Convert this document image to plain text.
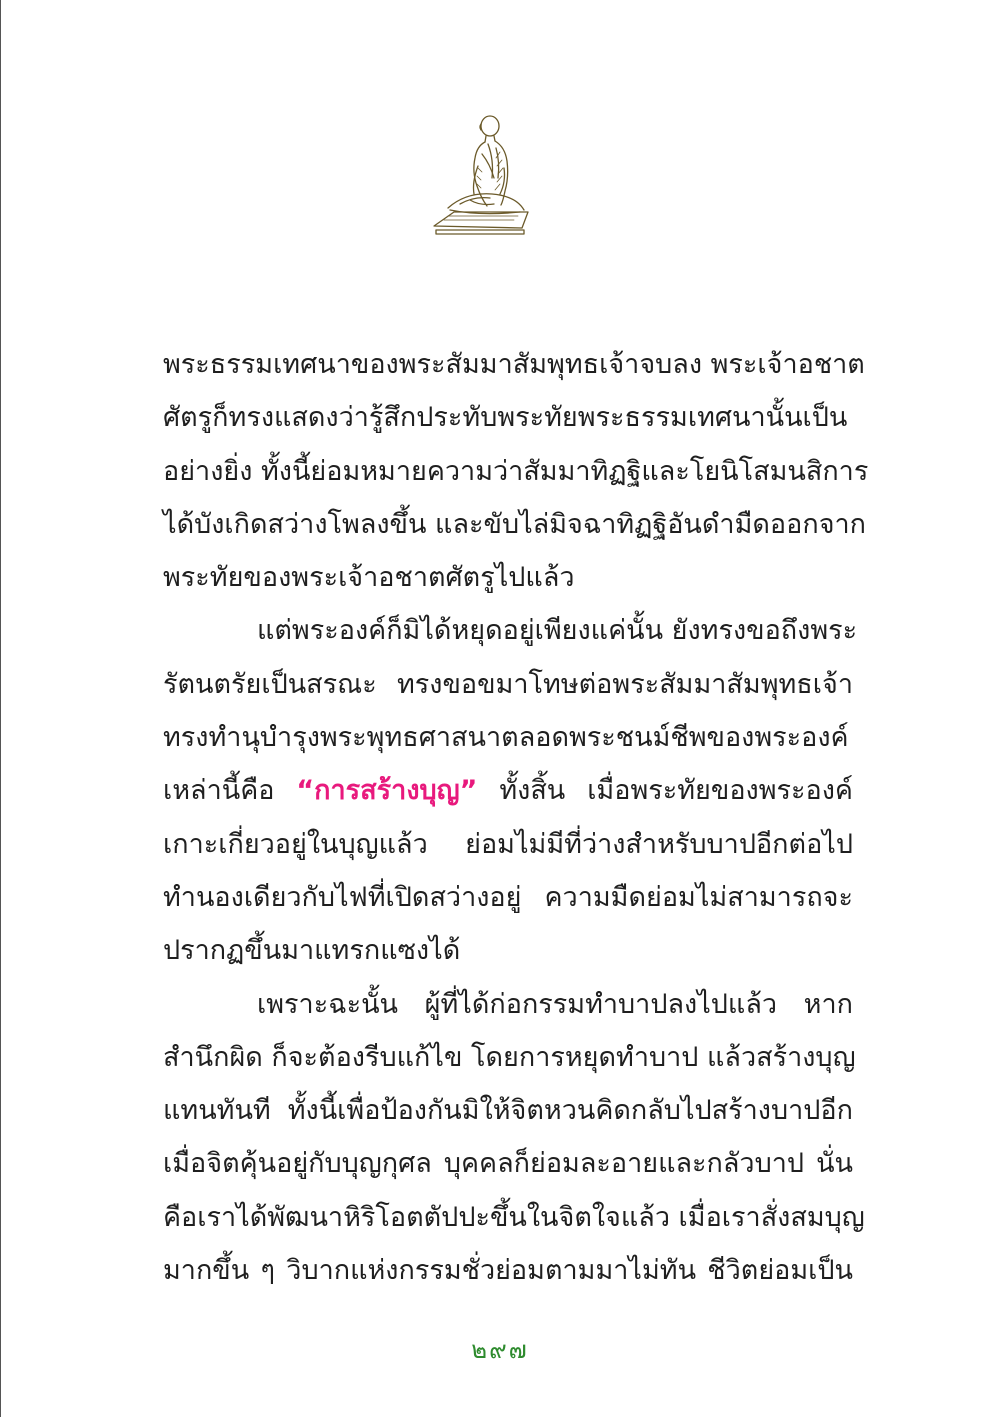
พระธรรมเทศนาของพระสัมมาสัมพุทธเจ้าจบลง พระเจ้าอชาต
ศัตรูก็ทรงแสดงว่ารู้สึกประทับพระทัยพระธรรมเทศนานั้นเป็น
อย่างยิ่ง ทั้งนี้ย่อมหมายความว่าสัมมาทิฏฐิและโยนิโสมนสิการ
ได้บังเกิดสว่างโพลงขึ้น และขับไล่มิจฉาทิฏฐิอันดำมืดออกจาก
พระทัยของพระเจ้าอชาตศัตรูไปแล้ว
แต่พระองค์ก็มิได้หยุดอยู่เพียงแค่นั้น ยังทรงขอถึงพระ
รัตนตรัยเป็นสรณะ ทรงขอขมาโทษต่อพระสัมมาสัมพุทธเจ้า
ทรงทำนุบำรุงพระพุทธศาสนาตลอดพระชนม์ชีพของพระองค์
เหล่านี้คือ “การสร้างบุญ” ทั้งสิ้น เมื่อพระทัยของพระองค์
เกาะเกี่ยวอยู่ในบุญแล้ว ย่อมไม่มีที่ว่างสำหรับบาปอีกต่อไป
ทำนองเดียวกับไฟที่เปิดสว่างอยู่ ความมืดย่อมไม่สามารถจะ
ปรากฏขึ้นมาแทรกแซงได้
เพราะฉะนั้น ผู้ที่ได้ก่อกรรมทำบาปลงไปแล้ว หาก
สำนึกผิด ก็จะต้องรีบแก้ไข โดยการหยุดทำบาป แล้วสร้างบุญ
แทนทันที ทั้งนี้เพื่อป้องกันมิให้จิตหวนคิดกลับไปสร้างบาปอีก
เมื่อจิตคุ้นอยู่กับบุญกุศล บุคคลก็ย่อมละอายและกลัวบาป นั่น
คือเราได้พัฒนาหิริโอตตัปปะขึ้นในจิตใจแล้ว เมื่อเราสั่งสมบุญ
มากขึ้น ๆ วิบากแห่งกรรมชั่วย่อมตามมาไม่ทัน ชีวิตย่อมเป็น
๒๙๗
